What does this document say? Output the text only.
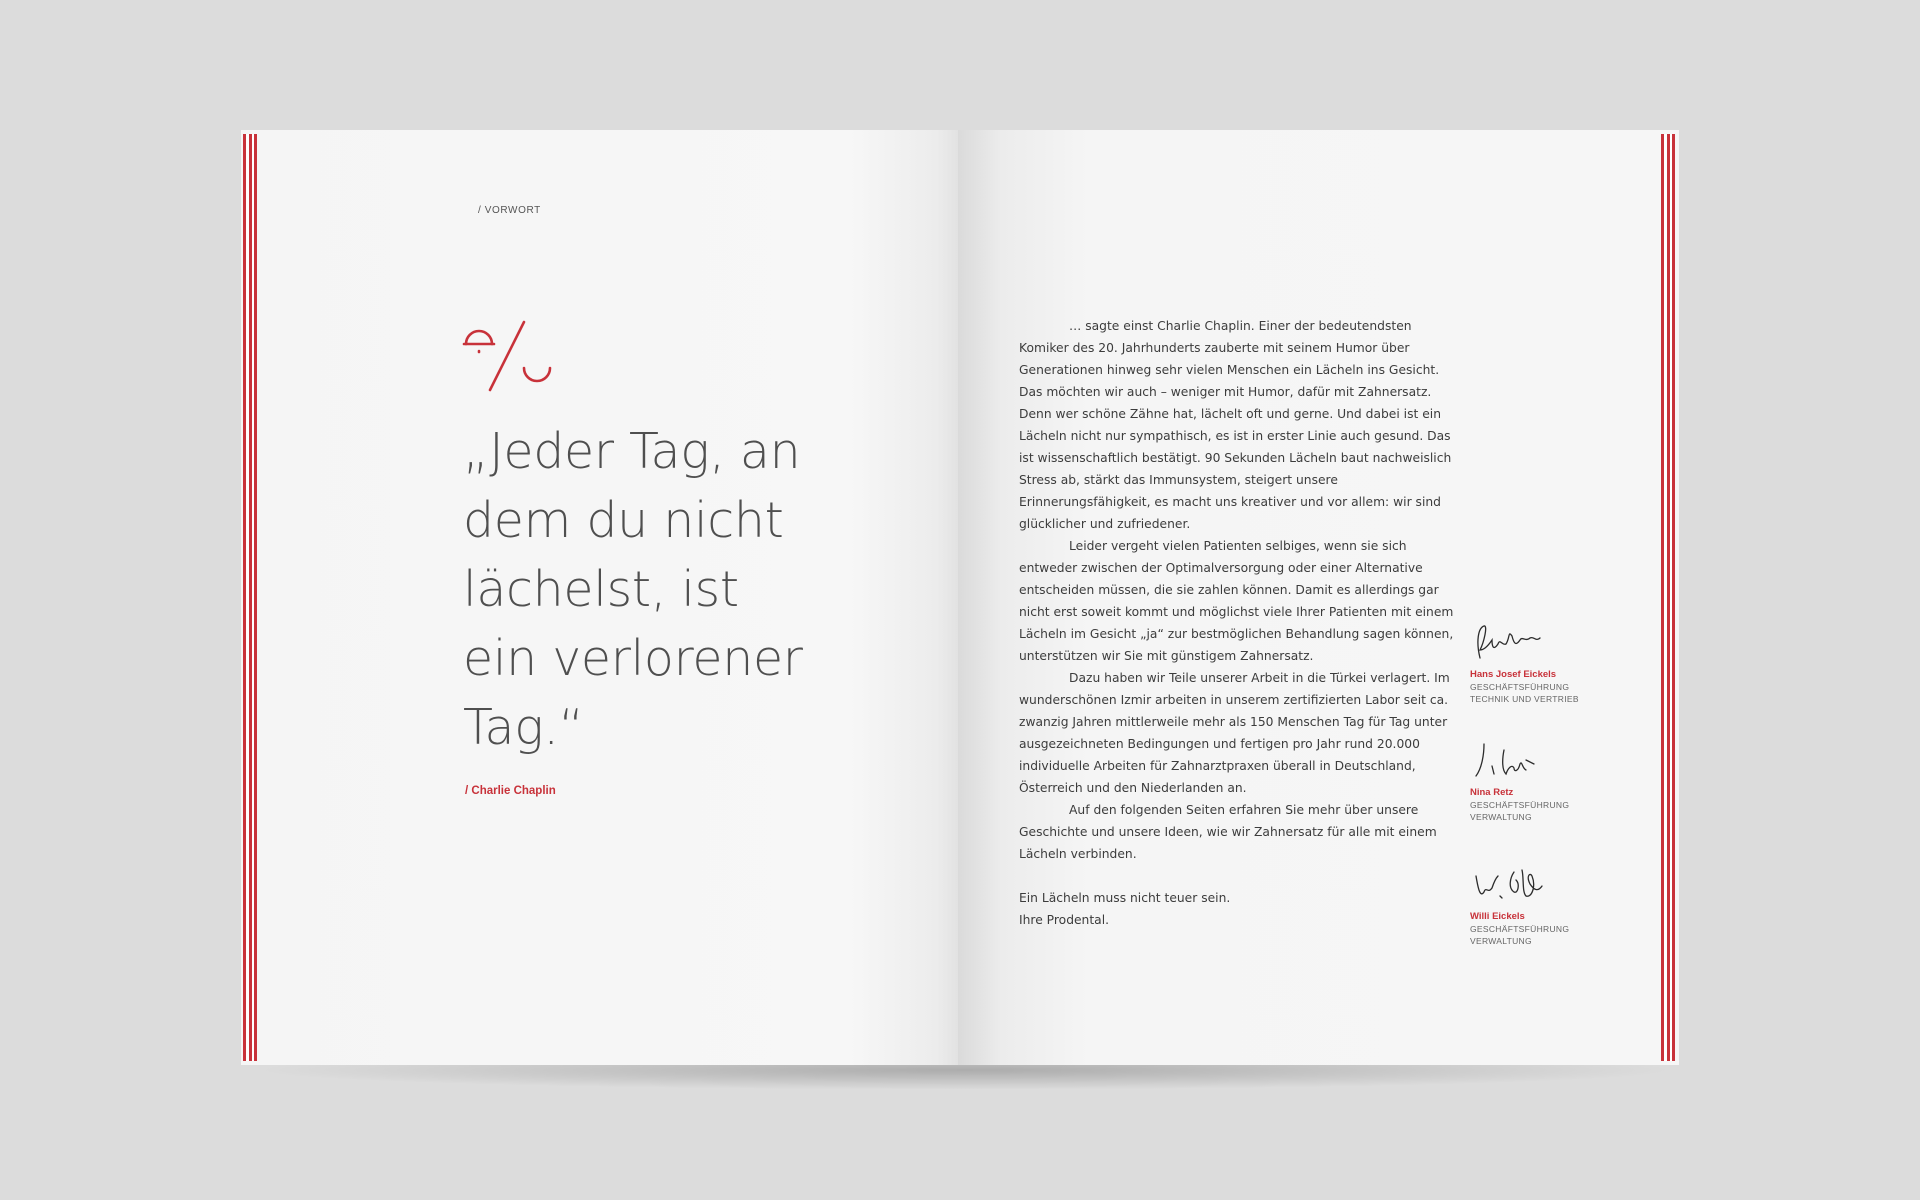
/ VORWORT
„Jeder Tag, an
dem du nicht
lächelst, ist
ein verlorener
Tag.“
/ Charlie Chaplin

… sagte einst Charlie Chaplin. Einer der bedeutendsten Komiker des 20. Jahrhunderts zauberte mit seinem Humor über Generationen hinweg sehr vielen Menschen ein Lächeln ins Gesicht. Das möchten wir auch – weniger mit Humor, dafür mit Zahnersatz. Denn wer schöne Zähne hat, lächelt oft und gerne. Und dabei ist ein Lächeln nicht nur sympathisch, es ist in erster Linie auch gesund. Das ist wissenschaftlich bestätigt. 90 Sekunden Lächeln baut nachweislich Stress ab, stärkt das Immunsystem, steigert unsere Erinnerungsfähigkeit, es macht uns kreativer und vor allem: wir sind glücklicher und zufriedener.

Leider vergeht vielen Patienten selbiges, wenn sie sich entweder zwischen der Optimalversorgung oder einer Alternative entscheiden müssen, die sie zahlen können. Damit es allerdings gar nicht erst soweit kommt und möglichst viele Ihrer Patienten mit einem Lächeln im Gesicht „ja“ zur bestmöglichen Behandlung sagen können, unterstützen wir Sie mit günstigem Zahnersatz.

Dazu haben wir Teile unserer Arbeit in die Türkei verlagert. Im wunderschönen Izmir arbeiten in unserem zertifizierten Labor seit ca. zwanzig Jahren mittlerweile mehr als 150 Menschen Tag für Tag unter ausgezeichneten Bedingungen und fertigen pro Jahr rund 20.000 individuelle Arbeiten für Zahnarztpraxen überall in Deutschland, Österreich und den Niederlanden an.

Auf den folgenden Seiten erfahren Sie mehr über unsere Geschichte und unsere Ideen, wie wir Zahnersatz für alle mit einem Lächeln verbinden.

Ein Lächeln muss nicht teuer sein.

Ihre Prodental.

Hans Josef Eickels
GESCHÄFTSFÜHRUNG
TECHNIK UND VERTRIEB
Nina Retz
GESCHÄFTSFÜHRUNG
VERWALTUNG
Willi Eickels
GESCHÄFTSFÜHRUNG
VERWALTUNG
